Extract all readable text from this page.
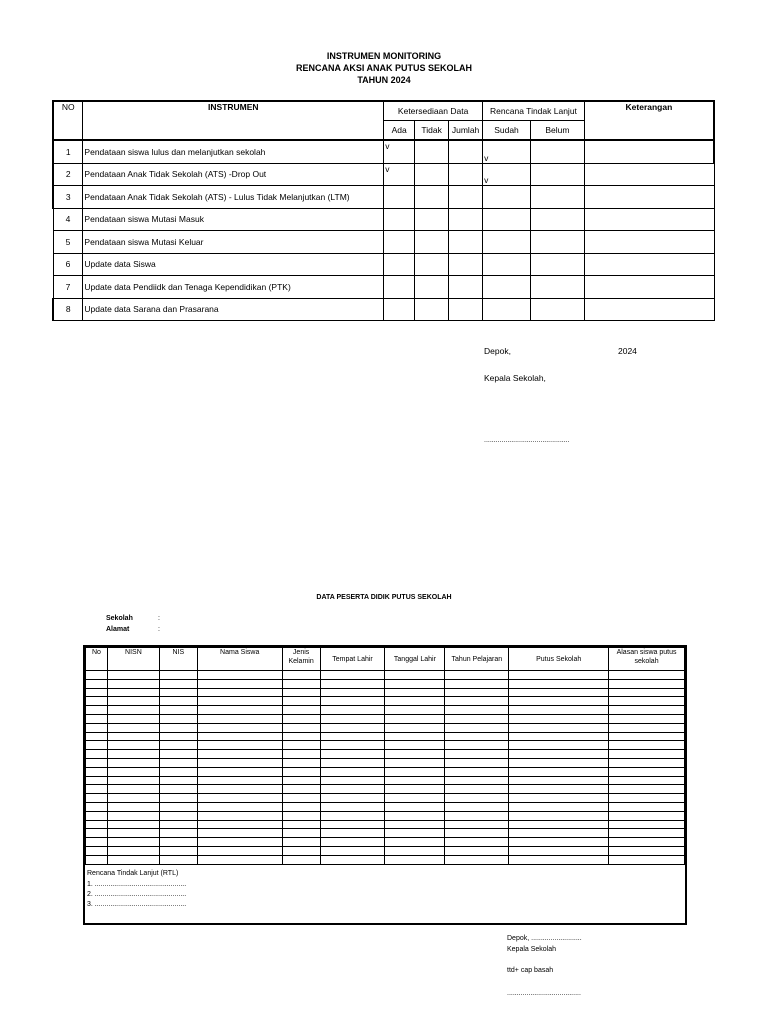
INSTRUMEN MONITORING
RENCANA AKSI ANAK PUTUS SEKOLAH
TAHUN 2024
NO	INSTRUMEN	Ketersediaan Data			Rencana Tindak Lanjut		Keterangan
		Ada	Tidak	Jumlah	Sudah	Belum	
1	Pendataan siswa lulus dan melanjutkan sekolah	v			v		
2	Pendataan Anak Tidak Sekolah (ATS) -Drop Out	v			v		
3	Pendataan Anak Tidak Sekolah (ATS) - Lulus Tidak Melanjutkan (LTM)						
4	Pendataan siswa Mutasi Masuk						
5	Pendataan siswa Mutasi Keluar						
6	Update data Siswa						
7	Update data Pendiidk dan Tenaga Kependidikan (PTK)						
8	Update data Sarana dan Prasarana						
Depok,	2024
Kepala Sekolah,
............................................
DATA PESERTA DIDIK PUTUS SEKOLAH
Sekolah	:
Alamat	:
No	NISN	NIS	Nama Siswa	Jenis Kelamin	Tempat Lahir	Tanggal Lahir	Tahun Pelajaran	Putus Sekolah	Alasan siswa putus sekolah

Rencana Tindak Lanjut (RTL)
1. ...............................................
2. ...............................................
3. ...............................................
Depok, ..........................
Kepala Sekolah
ttd+ cap basah
......................................
